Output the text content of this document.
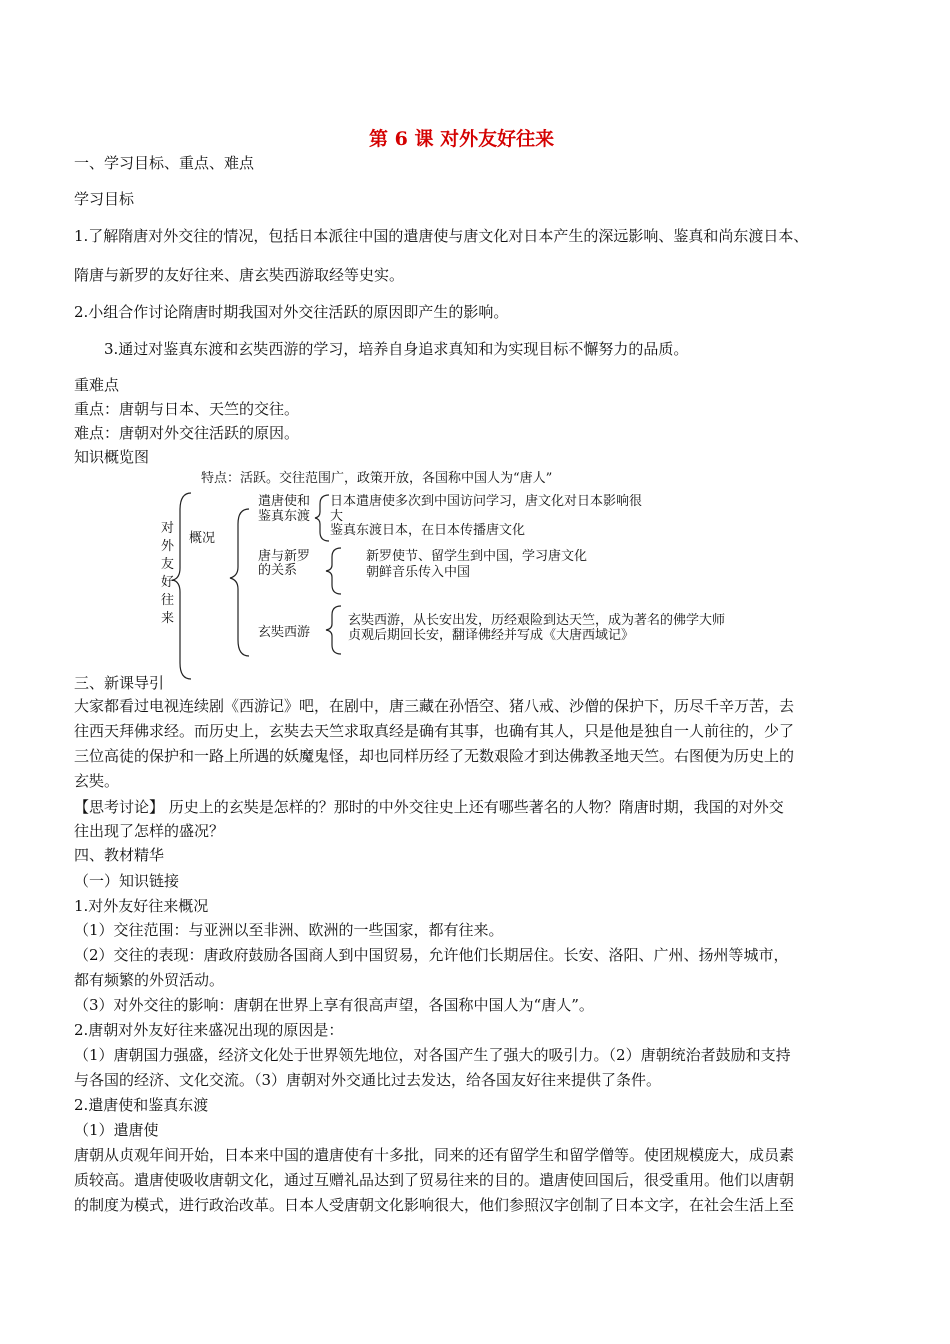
第 6 课 对外友好往来
一、学习目标、重点、难点
学习目标
1.了解隋唐对外交往的情况，包括日本派往中国的遣唐使与唐文化对日本产生的深远影响、鉴真和尚东渡日本、
隋唐与新罗的友好往来、唐玄奘西游取经等史实。
2.小组合作讨论隋唐时期我国对外交往活跃的原因即产生的影响。
3.通过对鉴真东渡和玄奘西游的学习，培养自身追求真知和为实现目标不懈努力的品质。
重难点
重点：唐朝与日本、天竺的交往。
难点：唐朝对外交往活跃的原因。
知识概览图
对
外
友
好
往
来
特点：活跃。交往范围广，政策开放，各国称中国人为“唐人”
概况
遣唐使和
鉴真东渡
日本遣唐使多次到中国访问学习，唐文化对日本影响很
大
鉴真东渡日本，在日本传播唐文化
唐与新罗
的关系
新罗使节、留学生到中国，学习唐文化
朝鲜音乐传入中国
玄奘西游
玄奘西游，从长安出发，历经艰险到达天竺，成为著名的佛学大师
贞观后期回长安，翻译佛经并写成《大唐西域记》
三、新课导引
大家都看过电视连续剧《西游记》吧，在剧中，唐三藏在孙悟空、猪八戒、沙僧的保护下，历尽千辛万苦，去
往西天拜佛求经。而历史上，玄奘去天竺求取真经是确有其事，也确有其人，只是他是独自一人前往的，少了
三位高徒的保护和一路上所遇的妖魔鬼怪，却也同样历经了无数艰险才到达佛教圣地天竺。右图便为历史上的
玄奘。
【思考讨论】 历史上的玄奘是怎样的？那时的中外交往史上还有哪些著名的人物？隋唐时期，我国的对外交
往出现了怎样的盛况？
四、教材精华
（一）知识链接
1.对外友好往来概况
（1）交往范围：与亚洲以至非洲、欧洲的一些国家，都有往来。
（2）交往的表现：唐政府鼓励各国商人到中国贸易，允许他们长期居住。长安、洛阳、广州、扬州等城市，
都有频繁的外贸活动。
（3）对外交往的影响：唐朝在世界上享有很高声望，各国称中国人为“唐人”。
2.唐朝对外友好往来盛况出现的原因是：
（1）唐朝国力强盛，经济文化处于世界领先地位，对各国产生了强大的吸引力。（2）唐朝统治者鼓励和支持
与各国的经济、文化交流。（3）唐朝对外交通比过去发达，给各国友好往来提供了条件。
2.遣唐使和鉴真东渡
（1）遣唐使
唐朝从贞观年间开始，日本来中国的遣唐使有十多批，同来的还有留学生和留学僧等。使团规模庞大，成员素
质较高。遣唐使吸收唐朝文化，通过互赠礼品达到了贸易往来的目的。遣唐使回国后，很受重用。他们以唐朝
的制度为模式，进行政治改革。日本人受唐朝文化影响很大，他们参照汉字创制了日本文字，在社会生活上至
